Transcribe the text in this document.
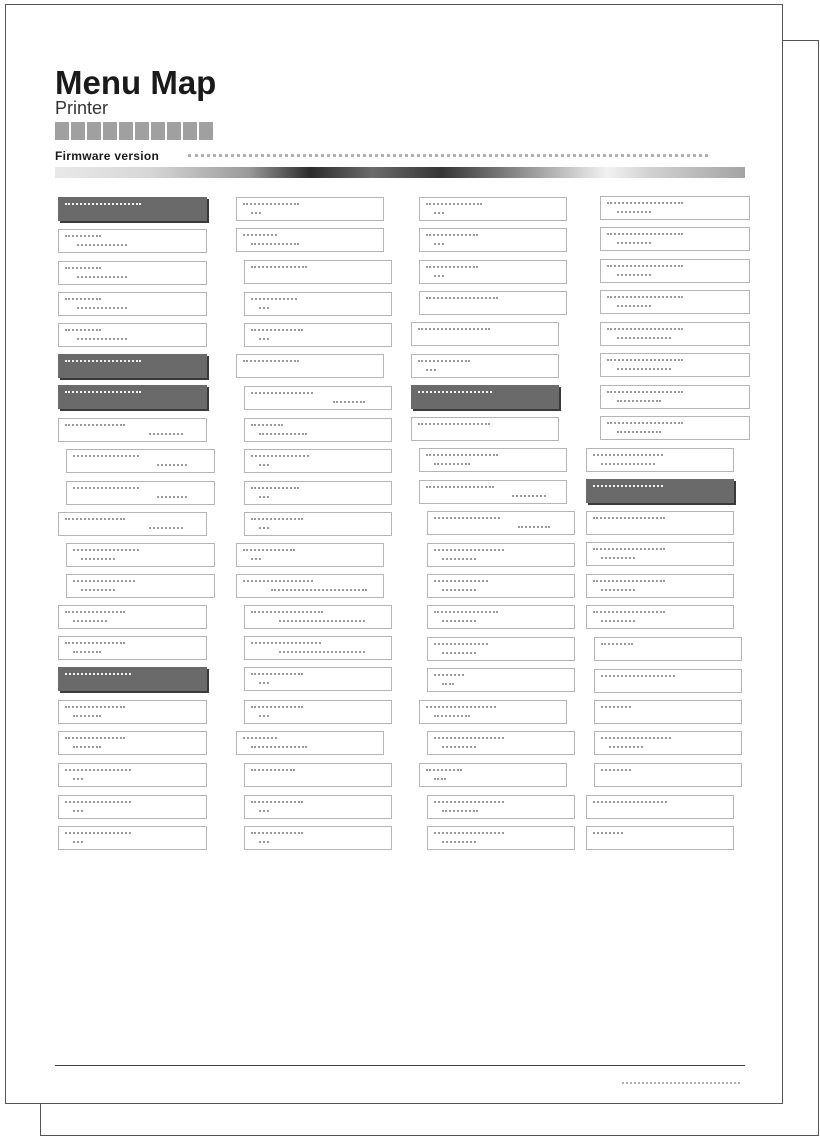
Menu Map
Printer
Firmware version
